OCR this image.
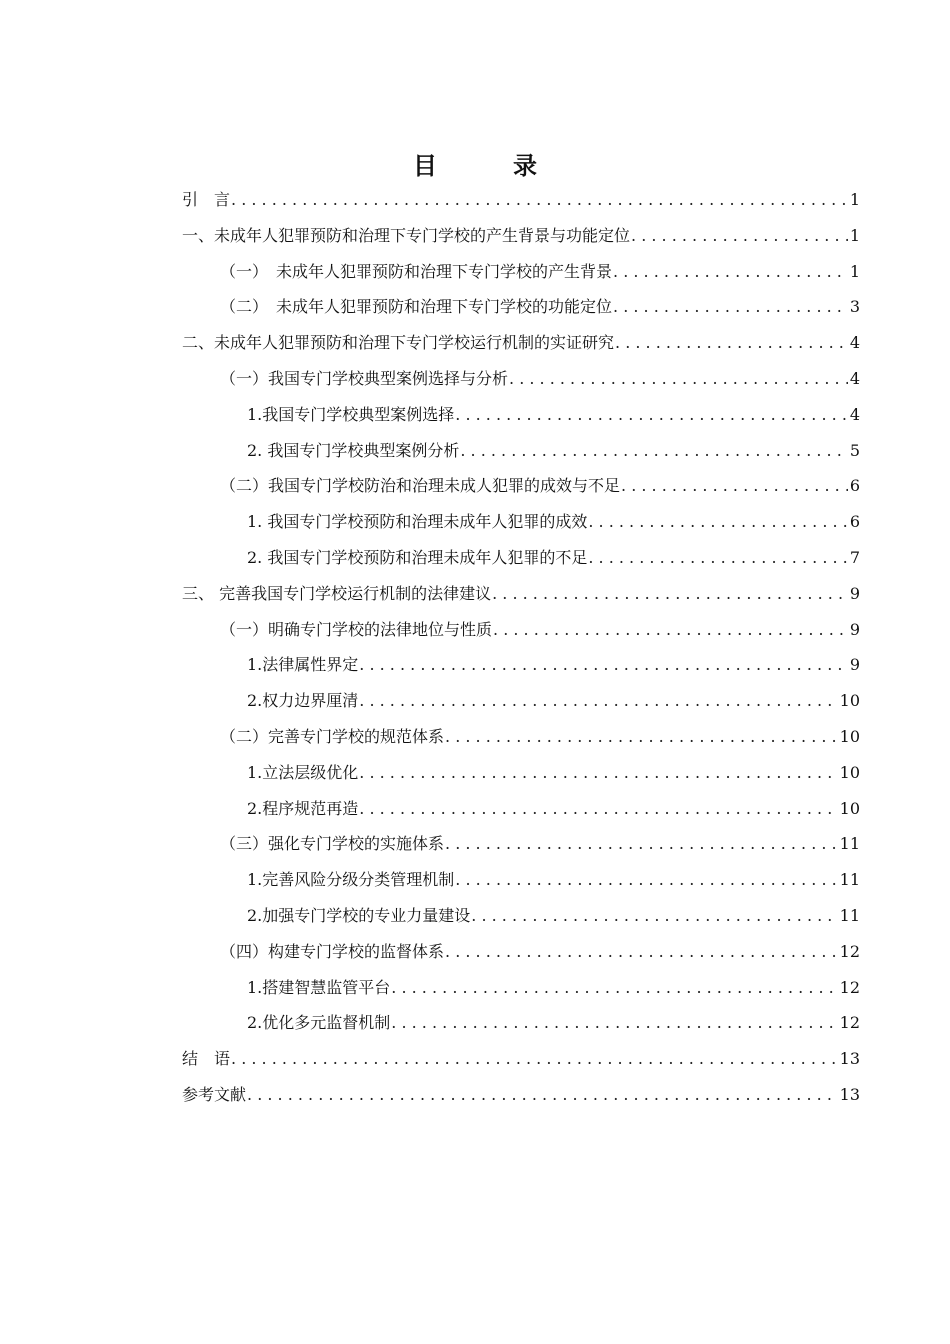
目　录
引　言 . . .	1
一、未成年人犯罪预防和治理下专门学校的产生背景与功能定位 . . .	1
（一）　未成年人犯罪预防和治理下专门学校的产生背景 . . .	1
（二）　未成年人犯罪预防和治理下专门学校的功能定位 . . .	3
二、未成年人犯罪预防和治理下专门学校运行机制的实证研究 . . .	4
（一）我国专门学校典型案例选择与分析 . . .	4
1.我国专门学校典型案例选择 . . .	4
2. 我国专门学校典型案例分析 . . .	5
（二）我国专门学校防治和治理未成人犯罪的成效与不足 . . .	6
1. 我国专门学校预防和治理未成年人犯罪的成效 . . .	6
2. 我国专门学校预防和治理未成年人犯罪的不足 . . .	7
三、 完善我国专门学校运行机制的法律建议 . . .	9
（一）明确专门学校的法律地位与性质 . . .	9
1.法律属性界定 . . .	9
2.权力边界厘清 . . .	10
（二）完善专门学校的规范体系 . . .	10
1.立法层级优化 . . .	10
2.程序规范再造 . . .	10
（三）强化专门学校的实施体系 . . .	11
1.完善风险分级分类管理机制 . . .	11
2.加强专门学校的专业力量建设 . . .	11
（四）构建专门学校的监督体系 . . .	12
1.搭建智慧监管平台 . . .	12
2.优化多元监督机制 . . .	12
结　语 . . .	13
参考文献 . . .	13
